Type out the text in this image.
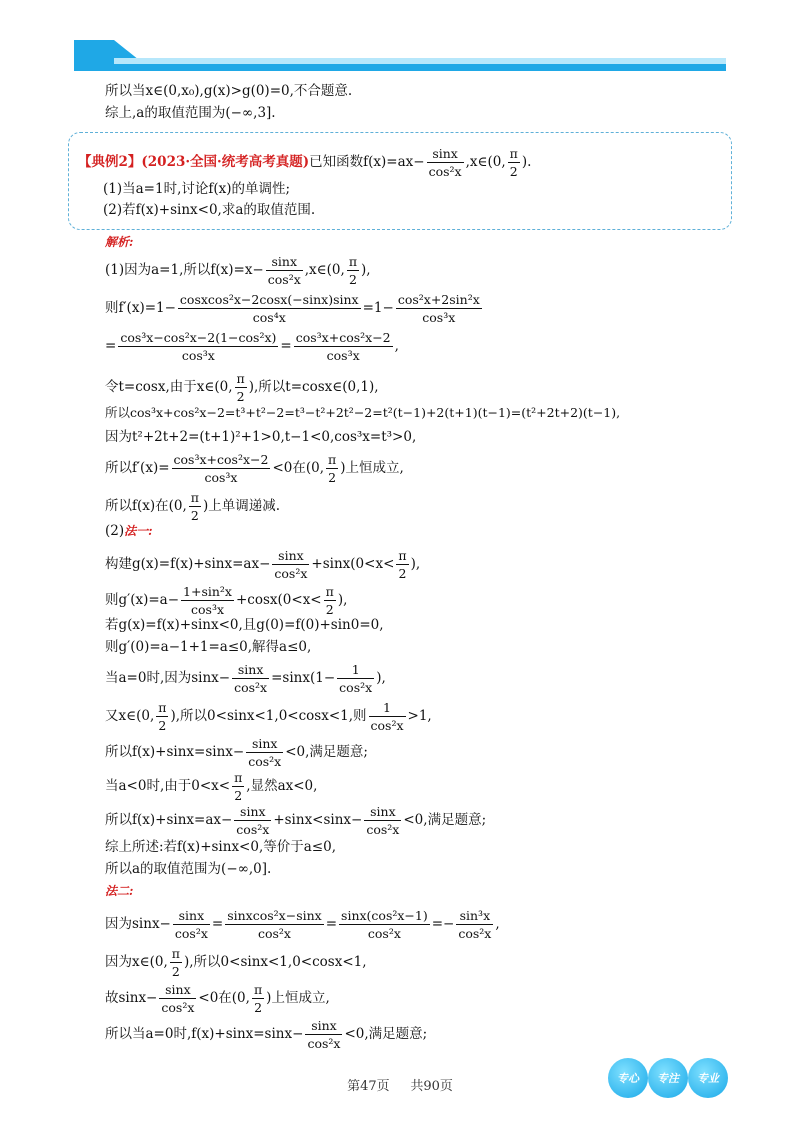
所以当x∈(0,x₀),g(x)>g(0)=0,不合题意.
综上,a的取值范围为(−∞,3].
【典例2】(2023·全国·统考高考真题)已知函数$f(x)=ax- \frac{\sin x}{\text{cos²x}}$ ,x∈(0, $\frac{\pi}{2}$ ).
(1)当a=1时,讨论f(x)的单调性;
(2)若f(x)+sinx<0,求a的取值范围.
解析:
(1)因为a=1,所以$f(x)=x- \frac{\sin x}{\text{cos²x}}$ ,x∈(0, $\frac{\pi}{2}$ ),
则$f'(x)=1- \frac{\text{cosxcos²x−2cosx(−sinx)sinx}}{\text{cos⁴x}} =1- \frac{\text{cos²x+2sin²x}}{\text{cos³x}}$
= $\frac{\text{cos³x−cos²x−2(1−cos²x)}}{\text{cos³x}} = \frac{\text{cos³x+cos²x−2}}{\text{cos³x}}$ ,
令t=cosx,由于x∈(0, $\frac{\pi}{2}$ ),所以t=cosx∈(0,1),
所以cos³x+cos²x−2=t³+t²−2=t³−t²+2t²−2=t²(t−1)+2(t+1)(t−1)=(t²+2t+2)(t−1),
因为t²+2t+2=(t+1)²+1>0,t−1<0,cos³x=t³>0,
所以$f'(x)= \frac{\text{cos³x+cos²x−2}}{\text{cos³x}} <0$在(0, $\frac{\pi}{2}$ )上恒成立,
所以f(x)在(0, $\frac{\pi}{2}$ )上单调递减.
(2)法一:
构建$g(x)=f(x)+\sin x=ax- \frac{\sin x}{\text{cos²x}} +\sin x(0<x< \frac{\pi}{2}$ ),
则$g'(x)=a- \frac{\text{1+sin²x}}{\text{cos³x}} +\cos x(0<x< \frac{\pi}{2}$ ),
若g(x)=f(x)+sinx<0,且g(0)=f(0)+sin0=0,
则g′(0)=a−1+1=a≤0,解得a≤0,
当a=0时,因为$\sin x- \frac{\sin x}{\text{cos²x}} =\sin x(1- \frac{1}{\text{cos²x}}$ ),
又x∈(0, $\frac{\pi}{2}$ ),所以0<sinx<1,0<cosx<1,则 $\frac{1}{\text{cos²x}} >1$,
所以$f(x)+\sin x=\sin x- \frac{\sin x}{\text{cos²x}} <0$,满足题意;
当a<0时,由于$0<x< \frac{\pi}{2}$ ,显然ax<0,
所以$f(x)+\sin x=ax- \frac{\sin x}{\text{cos²x}} +\sin x<\sin x- \frac{\sin x}{\text{cos²x}} <0$,满足题意;
综上所述:若f(x)+sinx<0,等价于a≤0,
所以a的取值范围为(−∞,0].
法二:
因为$\sin x- \frac{\sin x}{\text{cos²x}} = \frac{\text{sinxcos²x−sinx}}{\text{cos²x}} = \frac{\text{sinx(cos²x−1)}}{\text{cos²x}} =- \frac{\text{sin³x}}{\text{cos²x}}$ ,
因为x∈(0, $\frac{\pi}{2}$ ),所以0<sinx<1,0<cosx<1,
故$\sin x- \frac{\sin x}{\text{cos²x}} <0$在(0, $\frac{\pi}{2}$ )上恒成立,
所以当a=0时$,f(x)+\sin x=\sin x- \frac{\sin x}{\text{cos²x}} <0$,满足题意;
第47页 共90页
专心	专注	专业
